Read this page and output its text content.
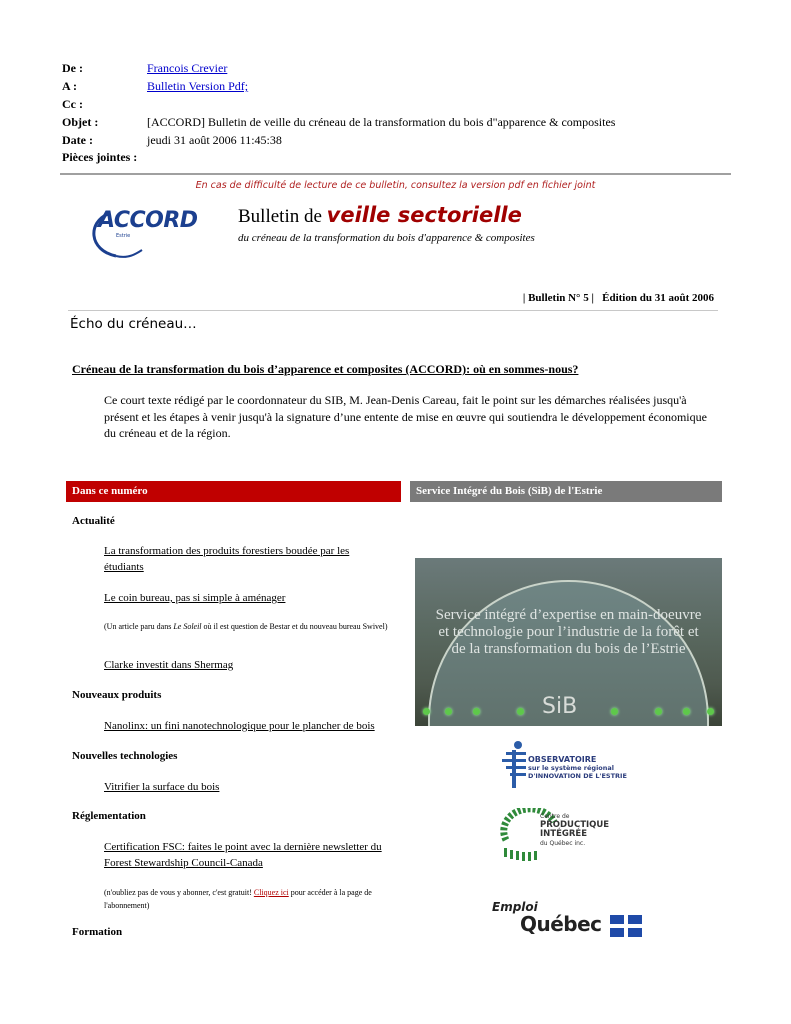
De :	Francois Crevier
A :	Bulletin Version Pdf;
Cc :
Objet :	[ACCORD] Bulletin de veille du créneau de la transformation du bois d"apparence & composites
Date :	jeudi 31 août 2006 11:45:38
Pièces jointes :
En cas de difficulté de lecture de ce bulletin, consultez la version pdf en fichier joint
ACCORD
Estrie
Bulletin de veille sectorielle
du créneau de la transformation du bois d'apparence & composites
| Bulletin N° 5 |   Édition du 31 août 2006
Écho du créneau…
Créneau de la transformation du bois d’apparence et composites (ACCORD): où en sommes-nous?
Ce court texte rédigé par le coordonnateur du SIB, M. Jean-Denis Careau, fait le point sur les démarches réalisées jusqu'à présent et les étapes à venir jusqu'à la signature d’une entente de mise en œuvre qui soutiendra le développement économique du créneau et de la région.
Dans ce numéro	Service Intégré du Bois (SiB) de l'Estrie
Actualité
La transformation des produits forestiers boudée par les étudiants
Le coin bureau, pas si simple à aménager
(Un article paru dans Le Soleil où il est question de Bestar et du nouveau bureau Swivel)
Clarke investit dans Shermag
Nouveaux produits
Nanolinx: un fini nanotechnologique pour le plancher de bois
Nouvelles technologies
Vitrifier la surface du bois
Réglementation
Certification FSC: faites le point avec la dernière newsletter du Forest Stewardship Council-Canada
(n'oubliez pas de vous y abonner, c'est gratuit! Cliquez ici pour accéder à la page de l'abonnement)
Formation
Service intégré d’expertise en main-doeuvre et technologie pour l’industrie de la forêt et de la transformation du bois de l’Estrie
SiB
OBSERVATOIRE
sur le système régional
D'INNOVATION DE L'ESTRIE
Centre de
PRODUCTIQUE INTÉGRÉE
du Québec inc.
Emploi
Québec
